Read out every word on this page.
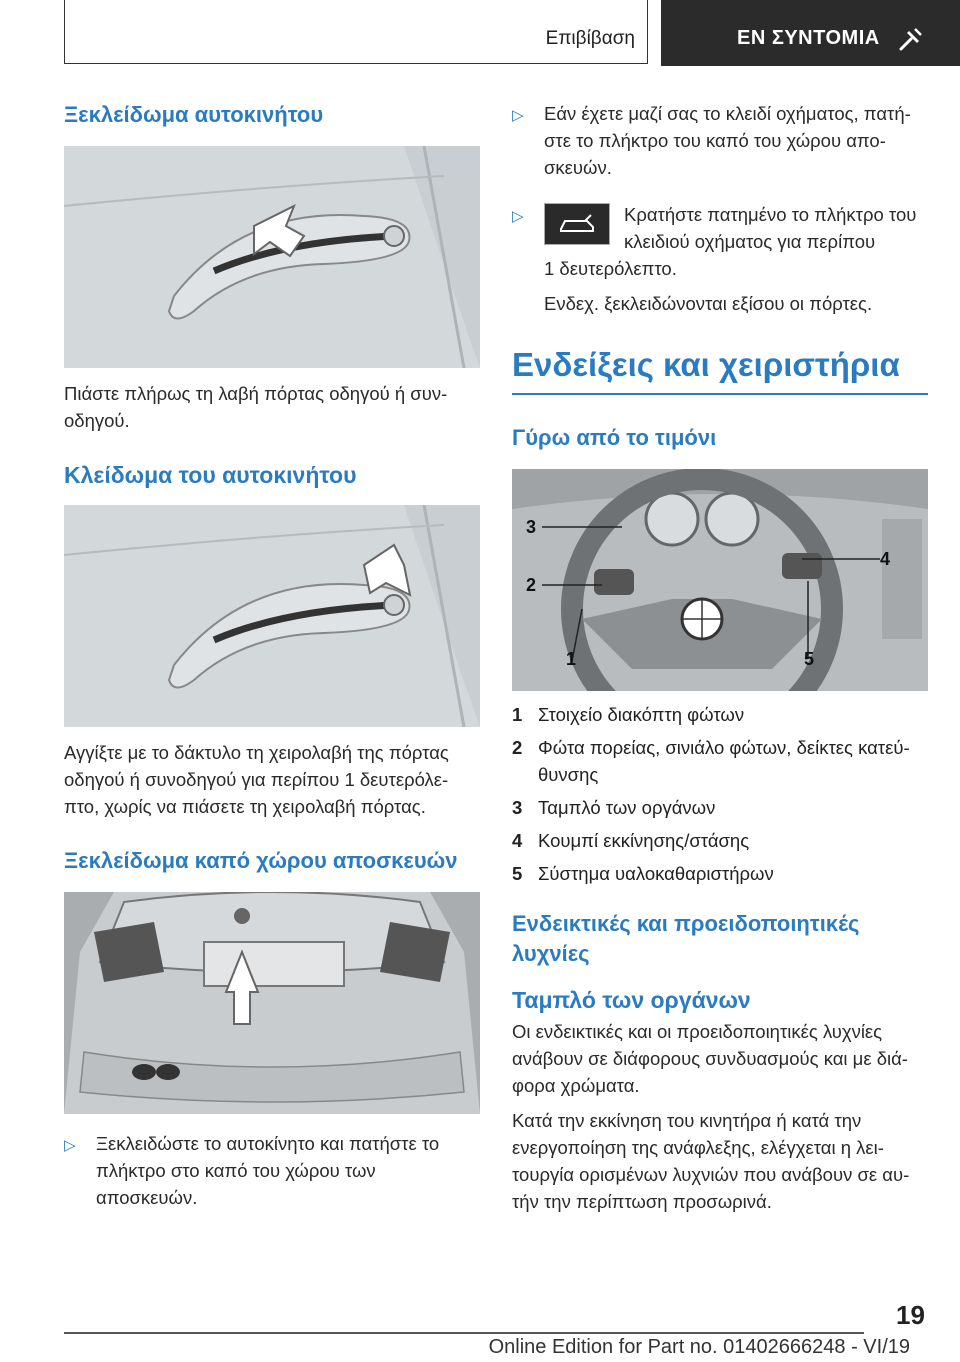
Επιβίβαση	ΕΝ ΣΥΝΤΟΜΙΑ
Ξεκλείδωμα αυτοκινήτου

Πιάστε πλήρως τη λαβή πόρτας οδηγού ή συν-οδηγού.

Κλείδωμα του αυτοκινήτου

Αγγίξτε με το δάκτυλο τη χειρολαβή της πόρτας οδηγού ή συνοδηγού για περίπου 1 δευτερόλε-πτο, χωρίς να πιάσετε τη χειρολαβή πόρτας.

Ξεκλείδωμα καπό χώρου αποσκευών
▷ Ξεκλειδώστε το αυτοκίνητο και πατήστε το πλήκτρο στο καπό του χώρου των αποσκευών.
▷ Εάν έχετε μαζί σας το κλειδί οχήματος, πατή-στε το πλήκτρο του καπό του χώρου απο-σκευών.
▷	Κρατήστε πατημένο το πλήκτρο του κλειδιού οχήματος για περίπου
1 δευτερόλεπτο.

Ενδεχ. ξεκλειδώνονται εξίσου οι πόρτες.

Ενδείξεις και χειριστήρια
Γύρω από το τιμόνι
3
2
1
4
5
1 Στοιχείο διακόπτη φώτων
2 Φώτα πορείας, σινιάλο φώτων, δείκτες κατεύ-θυνσης
3 Ταμπλό των οργάνων
4 Κουμπί εκκίνησης/στάσης
5 Σύστημα υαλοκαθαριστήρων
Ενδεικτικές και προειδοποιητικές λυχνίες
Ταμπλό των οργάνων

Οι ενδεικτικές και οι προειδοποιητικές λυχνίες ανάβουν σε διάφορους συνδυασμούς και με διά-φορα χρώματα.

Κατά την εκκίνηση του κινητήρα ή κατά την ενεργοποίηση της ανάφλεξης, ελέγχεται η λει-τουργία ορισμένων λυχνιών που ανάβουν σε αυ-τήν την περίπτωση προσωρινά.

19
Online Edition for Part no. 01402666248 - VI/19
